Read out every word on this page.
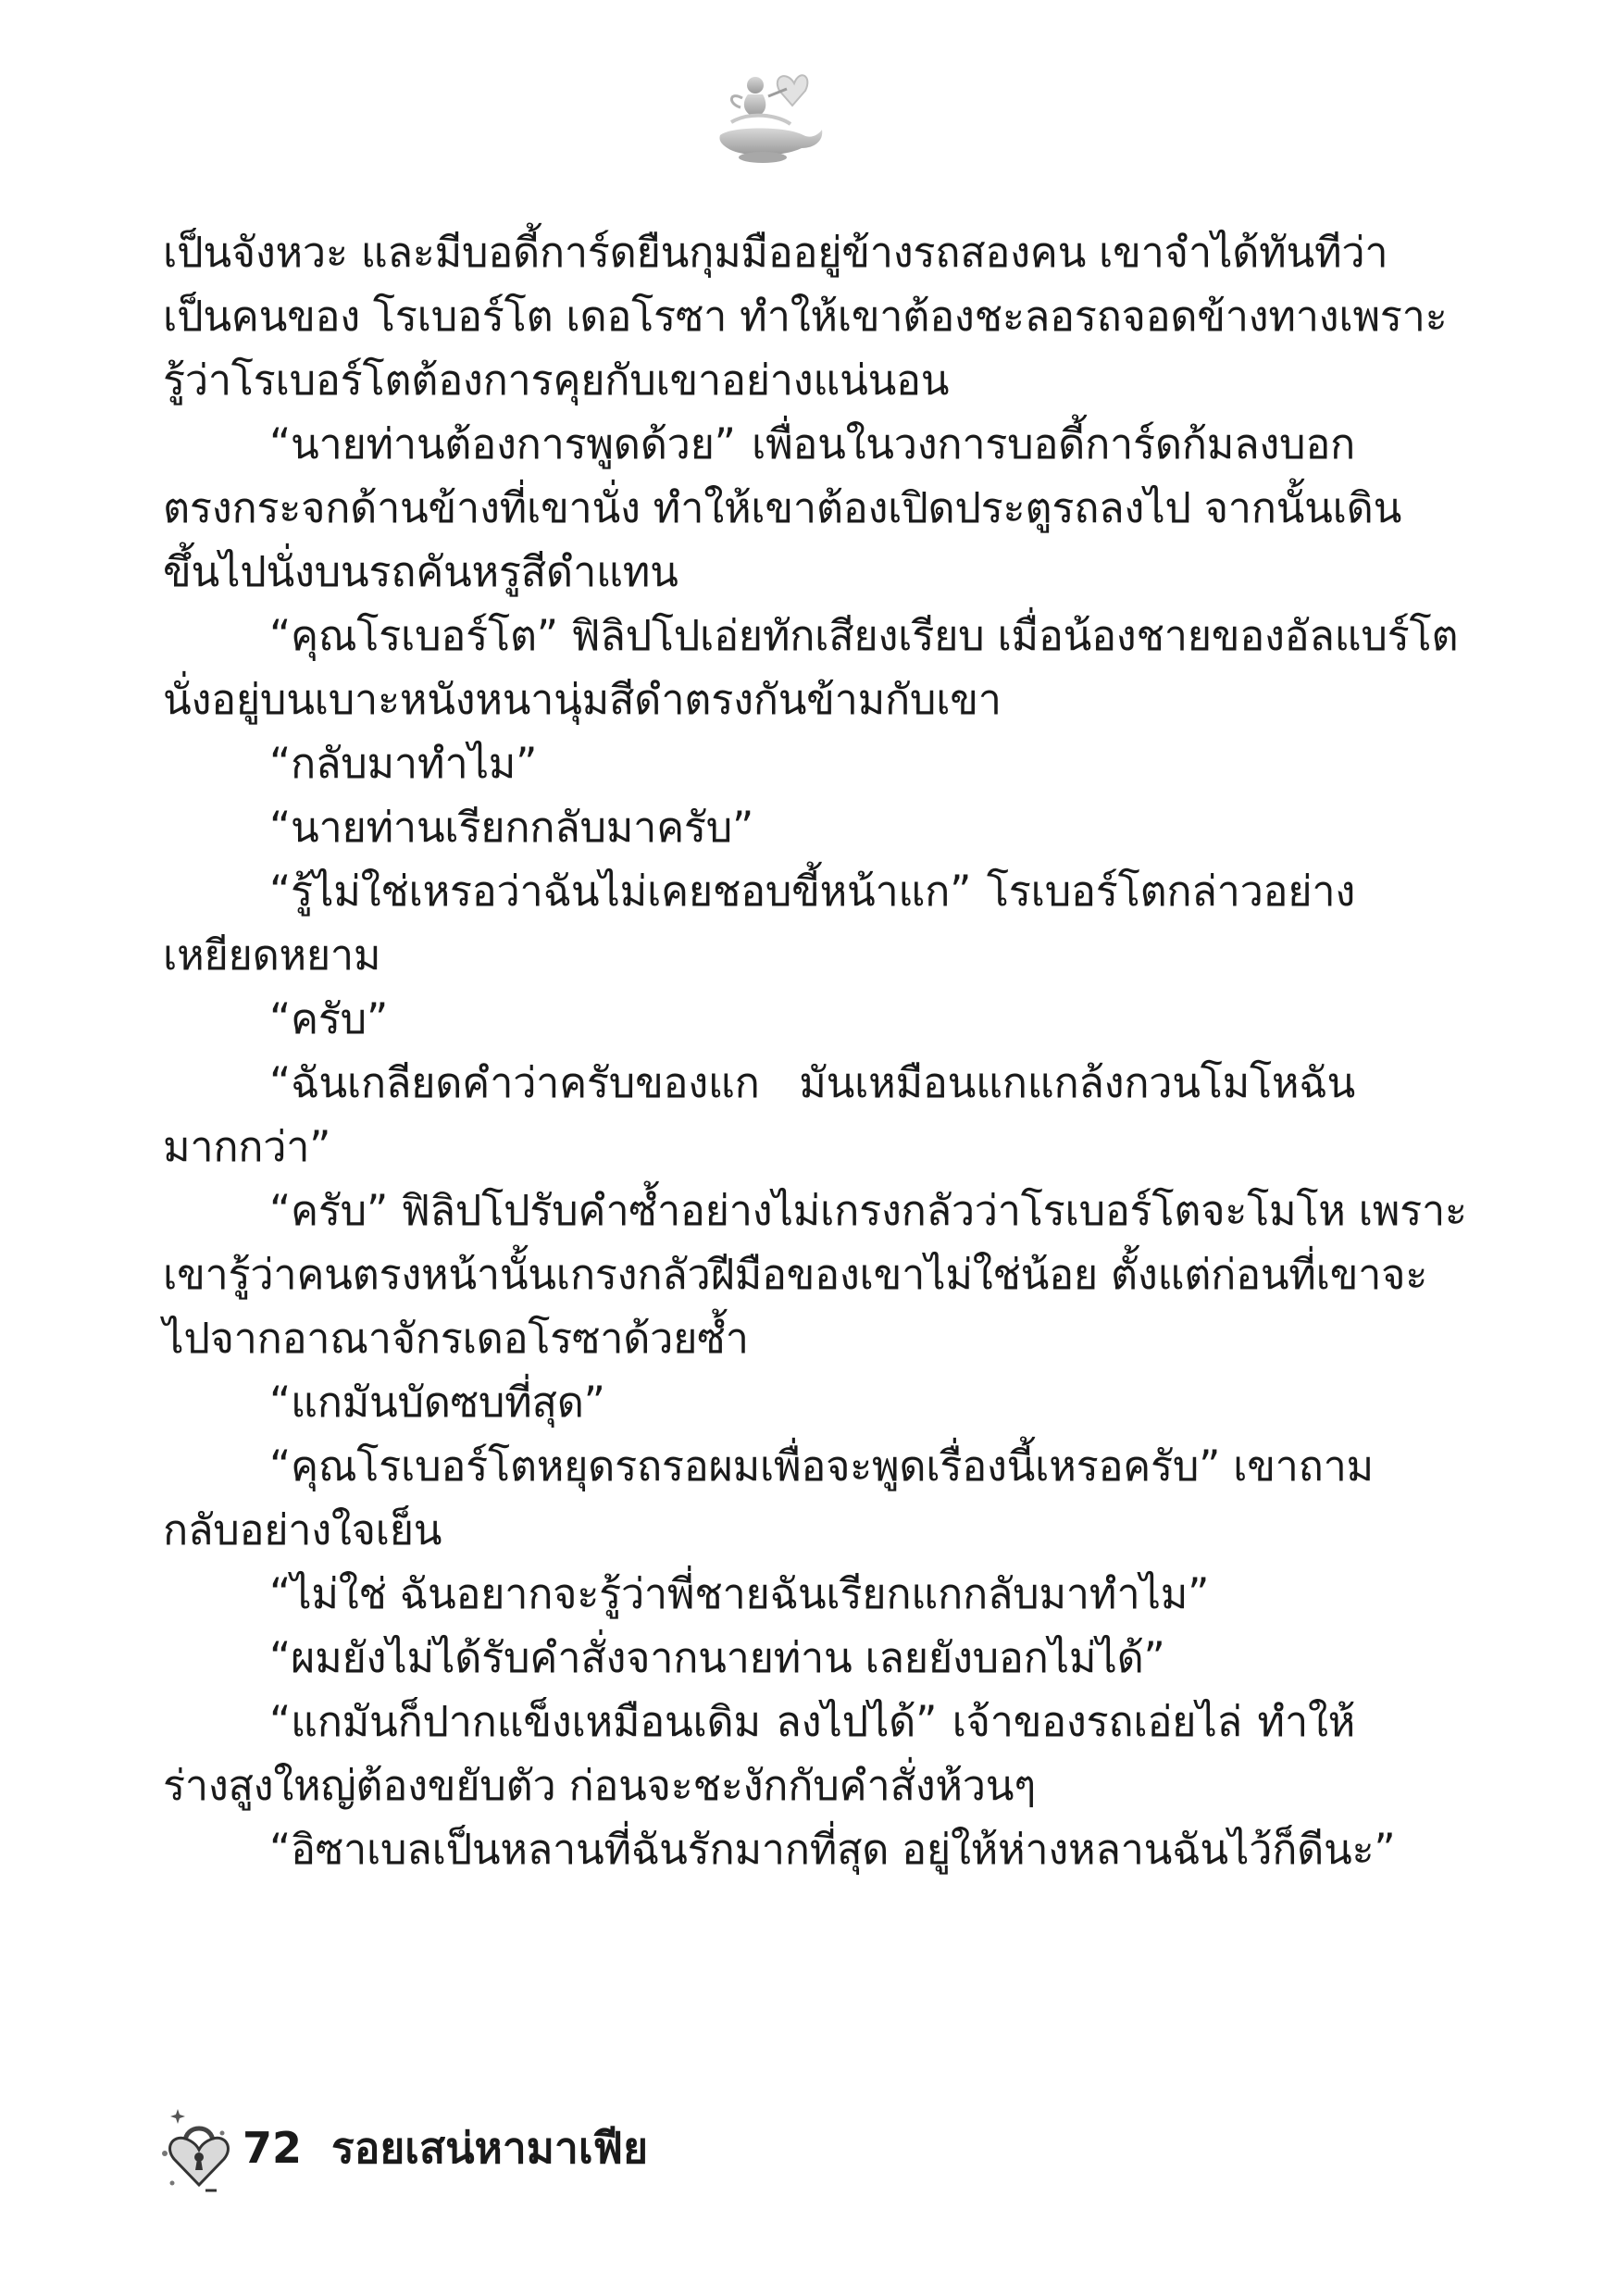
เป็นจังหวะ และมีบอดี้การ์ดยืนกุมมืออยู่ข้างรถสองคน เขาจำได้ทันทีว่า
เป็นคนของ โรเบอร์โต เดอโรซา ทำให้เขาต้องชะลอรถจอดข้างทางเพราะ
รู้ว่าโรเบอร์โตต้องการคุยกับเขาอย่างแน่นอน
“นายท่านต้องการพูดด้วย” เพื่อนในวงการบอดี้การ์ดก้มลงบอก
ตรงกระจกด้านข้างที่เขานั่ง ทำให้เขาต้องเปิดประตูรถลงไป จากนั้นเดิน
ขึ้นไปนั่งบนรถคันหรูสีดำแทน
“คุณโรเบอร์โต” ฟิลิปโปเอ่ยทักเสียงเรียบ เมื่อน้องชายของอัลแบร์โต
นั่งอยู่บนเบาะหนังหนานุ่มสีดำตรงกันข้ามกับเขา
“กลับมาทำไม”
“นายท่านเรียกกลับมาครับ”
“รู้ไม่ใช่เหรอว่าฉันไม่เคยชอบขี้หน้าแก” โรเบอร์โตกล่าวอย่าง
เหยียดหยาม
“ครับ”
“ฉันเกลียดคำว่าครับของแก มันเหมือนแกแกล้งกวนโมโหฉัน
มากกว่า”
“ครับ” ฟิลิปโปรับคำซ้ำอย่างไม่เกรงกลัวว่าโรเบอร์โตจะโมโห เพราะ
เขารู้ว่าคนตรงหน้านั้นเกรงกลัวฝีมือของเขาไม่ใช่น้อย ตั้งแต่ก่อนที่เขาจะ
ไปจากอาณาจักรเดอโรซาด้วยซ้ำ
“แกมันบัดซบที่สุด”
“คุณโรเบอร์โตหยุดรถรอผมเพื่อจะพูดเรื่องนี้เหรอครับ” เขาถาม
กลับอย่างใจเย็น
“ไม่ใช่ ฉันอยากจะรู้ว่าพี่ชายฉันเรียกแกกลับมาทำไม”
“ผมยังไม่ได้รับคำสั่งจากนายท่าน เลยยังบอกไม่ได้”
“แกมันก็ปากแข็งเหมือนเดิม ลงไปได้” เจ้าของรถเอ่ยไล่ ทำให้
ร่างสูงใหญ่ต้องขยับตัว ก่อนจะชะงักกับคำสั่งห้วนๆ
“อิซาเบลเป็นหลานที่ฉันรักมากที่สุด อยู่ให้ห่างหลานฉันไว้ก็ดีนะ”
72 รอยเสน่หามาเฟีย
